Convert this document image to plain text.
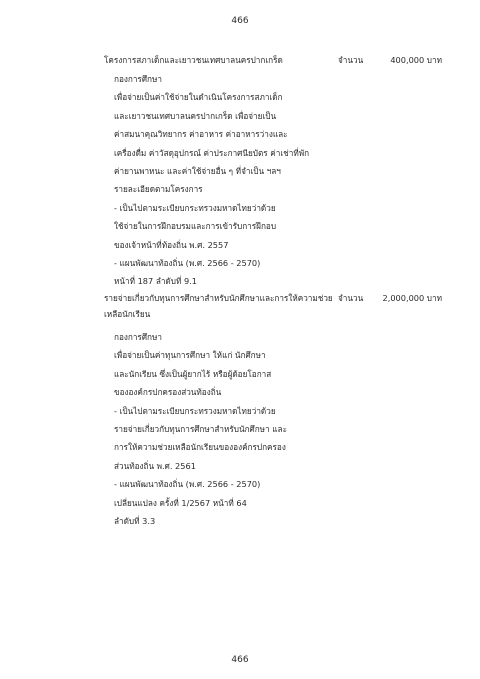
466
โครงการสภาเด็กและเยาวชนเทศบาลนครปากเกร็ด	จำนวน	400,000 บาท
กองการศึกษา
เพื่อจ่ายเป็นค่าใช้จ่ายในดำเนินโครงการสภาเด็ก
และเยาวชนเทศบาลนครปากเกร็ด เพื่อจ่ายเป็น
ค่าสมนาคุณวิทยากร ค่าอาหาร ค่าอาหารว่างและ
เครื่องดื่ม ค่าวัสดุอุปกรณ์ ค่าประกาศนียบัตร ค่าเช่าที่พัก
ค่ายานพาหนะ และค่าใช้จ่ายอื่น ๆ ที่จำเป็น ฯลฯ
รายละเอียดตามโครงการ
- เป็นไปตามระเบียบกระทรวงมหาดไทยว่าด้วย
ใช้จ่ายในการฝึกอบรมและการเข้ารับการฝึกอบ
ของเจ้าหน้าที่ท้องถิ่น พ.ศ. 2557
- แผนพัฒนาท้องถิ่น (พ.ศ. 2566 - 2570)
หน้าที่ 187 ลำดับที่ 9.1
รายจ่ายเกี่ยวกับทุนการศึกษาสำหรับนักศึกษาและการให้ความช่วย
เหลือนักเรียน
จำนวน	2,000,000 บาท
กองการศึกษา
เพื่อจ่ายเป็นค่าทุนการศึกษา ให้แก่ นักศึกษา
และนักเรียน ซึ่งเป็นผู้ยากไร้ หรือผู้ด้อยโอกาส
ขององค์กรปกครองส่วนท้องถิ่น
- เป็นไปตามระเบียบกระทรวงมหาดไทยว่าด้วย
รายจ่ายเกี่ยวกับทุนการศึกษาสำหรับนักศึกษา และ
การให้ความช่วยเหลือนักเรียนขององค์กรปกครอง
ส่วนท้องถิ่น พ.ศ. 2561
- แผนพัฒนาท้องถิ่น (พ.ศ. 2566 - 2570)
เปลี่ยนแปลง ครั้งที่ 1/2567 หน้าที่ 64
ลำดับที่ 3.3
466
